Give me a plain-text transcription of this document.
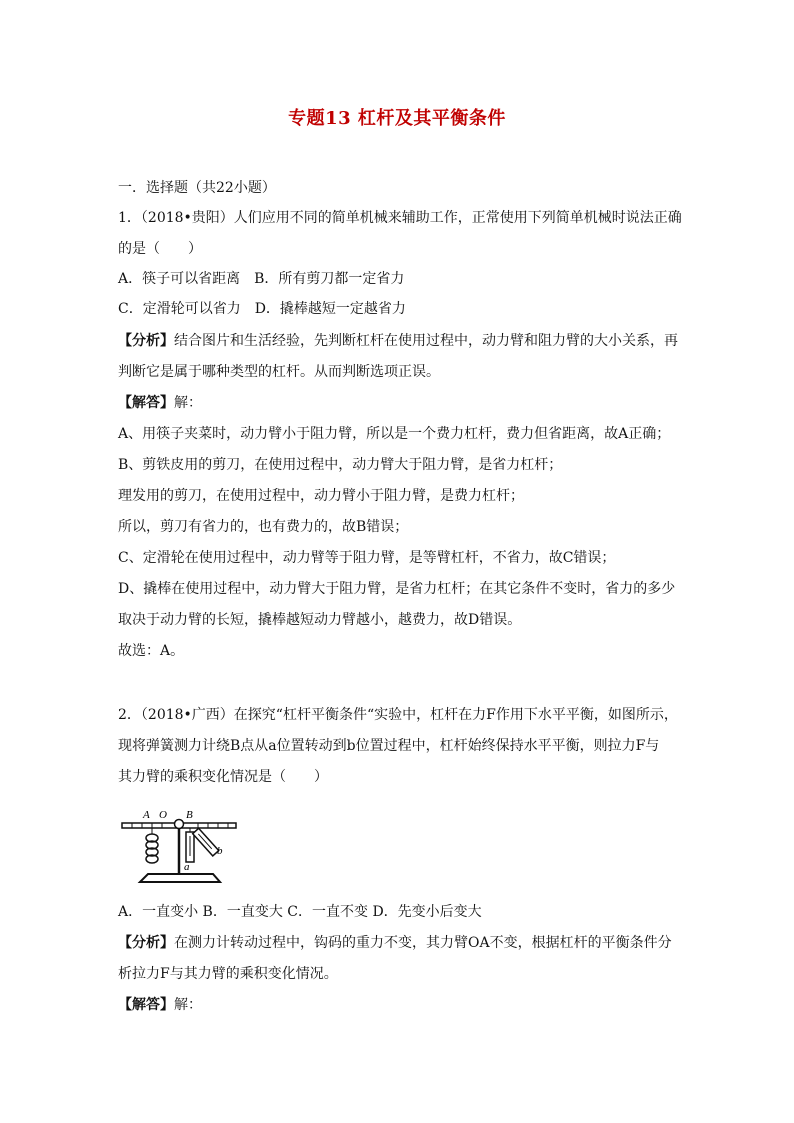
专题13 杠杆及其平衡条件
一．选择题（共22小题）
1．（2018•贵阳）人们应用不同的简单机械来辅助工作，正常使用下列简单机械时说法正确
的是（　　）
A．筷子可以省距离　B．所有剪刀都一定省力
C．定滑轮可以省力　D．撬棒越短一定越省力
【分析】结合图片和生活经验，先判断杠杆在使用过程中，动力臂和阻力臂的大小关系，再
判断它是属于哪种类型的杠杆。从而判断选项正误。
【解答】解：
A、用筷子夹菜时，动力臂小于阻力臂，所以是一个费力杠杆，费力但省距离，故A正确；
B、剪铁皮用的剪刀，在使用过程中，动力臂大于阻力臂，是省力杠杆；
理发用的剪刀，在使用过程中，动力臂小于阻力臂，是费力杠杆；
所以，剪刀有省力的，也有费力的，故B错误；
C、定滑轮在使用过程中，动力臂等于阻力臂，是等臂杠杆，不省力，故C错误；
D、撬棒在使用过程中，动力臂大于阻力臂，是省力杠杆；在其它条件不变时，省力的多少
取决于动力臂的长短，撬棒越短动力臂越小，越费力，故D错误。
故选：A。
2．（2018•广西）在探究“杠杆平衡条件“实验中，杠杆在力F作用下水平平衡，如图所示，
现将弹簧测力计绕B点从a位置转动到b位置过程中，杠杆始终保持水平平衡，则拉力F与
其力臂的乘积变化情况是（　　）
A O B
a
b
A．一直变小 B．一直变大 C．一直不变 D．先变小后变大
【分析】在测力计转动过程中，钩码的重力不变，其力臂OA不变，根据杠杆的平衡条件分
析拉力F与其力臂的乘积变化情况。
【解答】解：
